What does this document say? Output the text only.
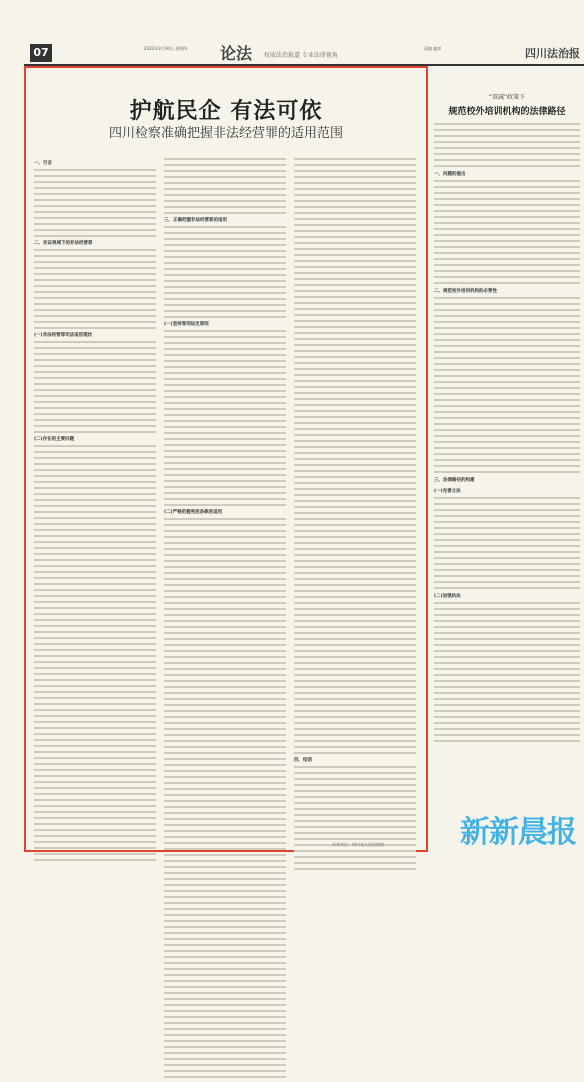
07	2023年3月30日 星期四 论法 权威法治报道 专业法律视角
责编 编审	四川法治报
护航民企 有法可依
四川检察准确把握非法经营罪的适用范围
一、引言
二、实证视域下的非法经营罪
(一)非法经营罪司法适用现状
(二)存在的主要问题
三、正确把握非法经营罪的适用
(一)坚持罪刑法定原则
(二)严格把握兜底条款的适用
四、结语
作者单位：四川省人民检察院
“双减”政策下
规范校外培训机构的法律路径
一、问题的提出
二、规范校外培训机构的必要性
三、法律路径的构建
(一)完善立法
(二)加强执法
新新晨报
